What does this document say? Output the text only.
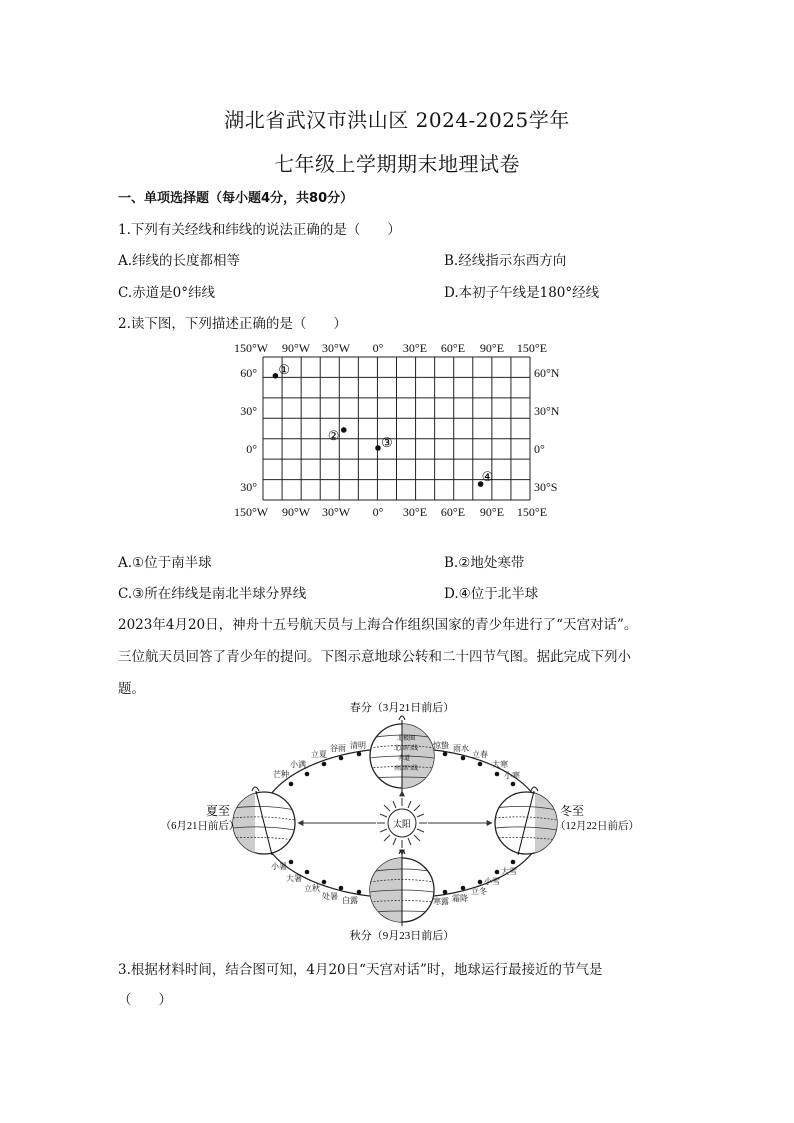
湖北省武汉市洪山区 2024-2025学年
七年级上学期期末地理试卷
一、单项选择题（每小题4分，共80分）
1.下列有关经线和纬线的说法正确的是（　　）
A.纬线的长度都相等	B.经线指示东西方向
C.赤道是0°纬线	D.本初子午线是180°经线
2.读下图，下列描述正确的是（　　）
150°W 90°W 30°W 0° 30°E 60°E 90°E 150°E
150°W 90°W 30°W 0° 30°E 60°E 90°E 150°E
60°
30°
0°
30°
60°N
30°N
0°
30°S
①
②	③
④
A.①位于南半球	B.②地处寒带
C.③所在纬线是南北半球分界线	D.④位于北半球
2023年4月20日，神舟十五号航天员与上海合作组织国家的青少年进行了“天宫对话”。
三位航天员回答了青少年的提问。下图示意地球公转和二十四节气图。据此完成下列小
题。
太阳
北极圈
北回归线
赤道
南回归线
春分（3月21日前后）
秋分（9月23日前后）
夏至
（6月21日前后）
冬至
（12月22日前后）
芒种
小满
立夏
谷雨 清明	惊蛰 雨水
立春
大寒
小寒
小暑
大暑
立秋
处暑 白露	寒露 霜降
立冬
小雪
大雪
3.根据材料时间，结合图可知，4月20日“天宫对话”时，地球运行最接近的节气是
（　　）
